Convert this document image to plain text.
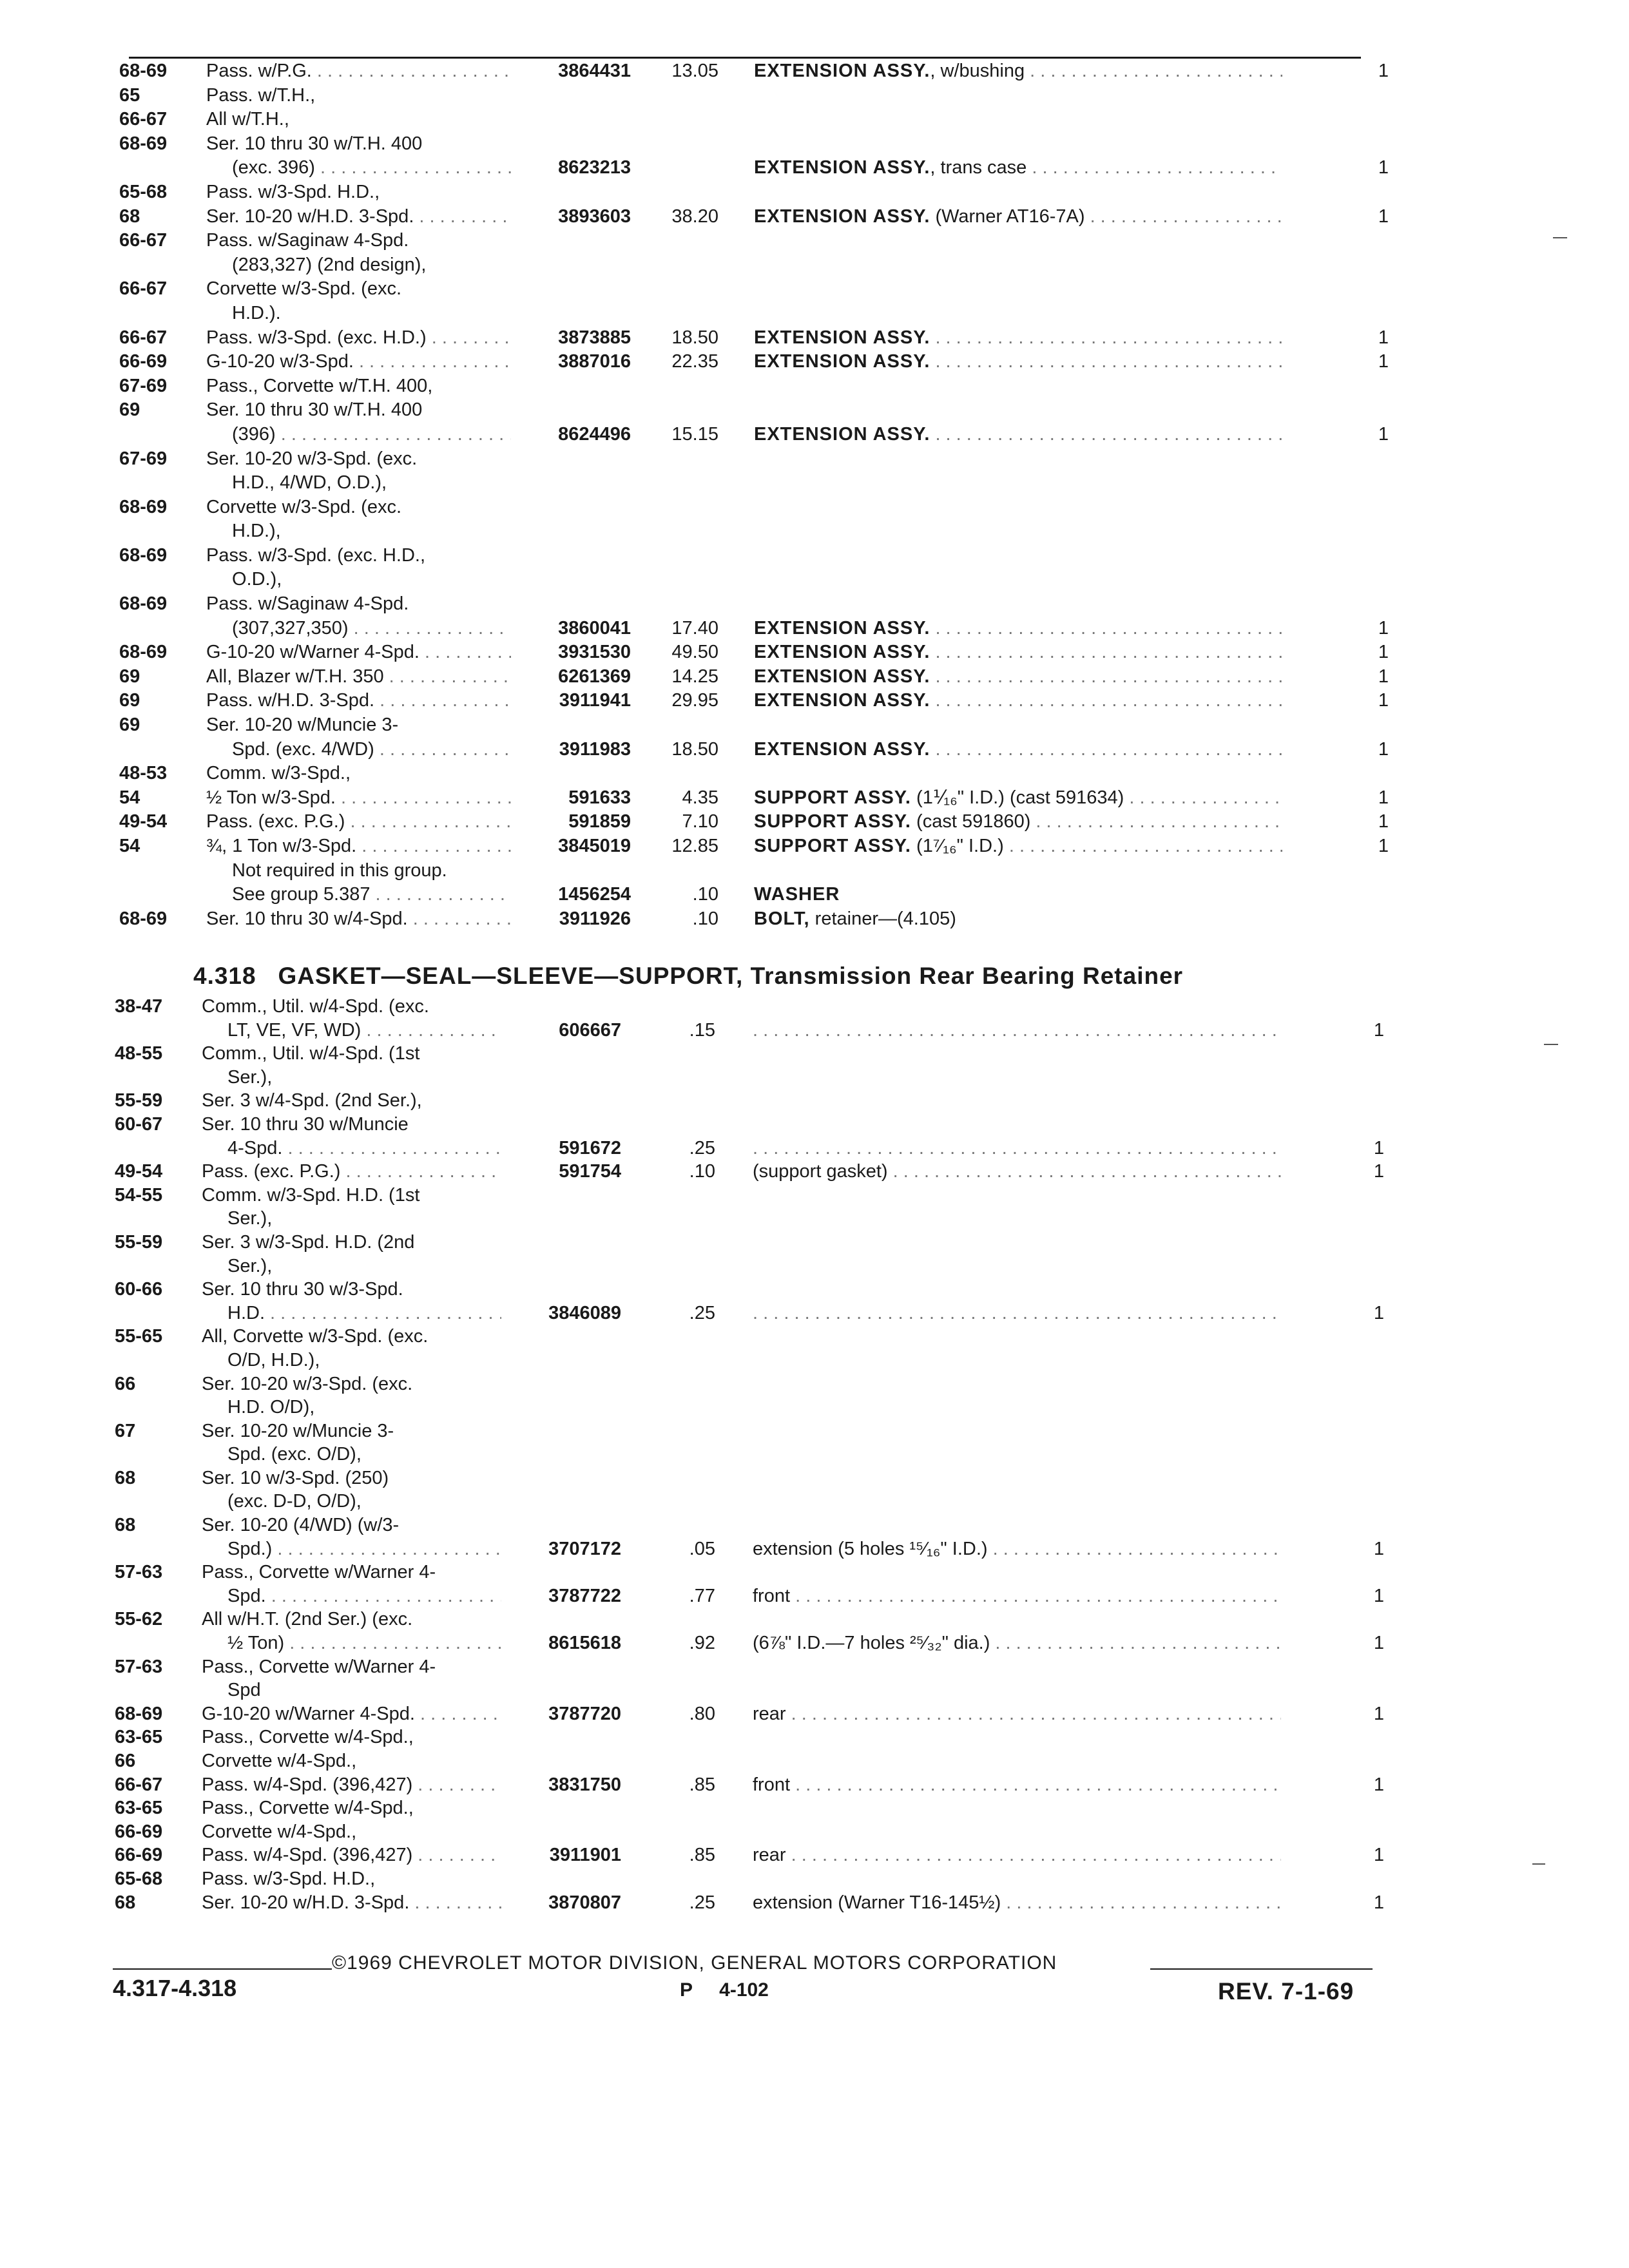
68-69	Pass. w/P.G. . . .	3864431	13.05 EXTENSION ASSY., w/bushing . . .	1
65	Pass. w/T.H.,
66-67	All w/T.H.,
68-69	Ser. 10 thru 30 w/T.H. 400
(exc. 396) . . .	8623213	EXTENSION ASSY., trans case . . .	1
65-68	Pass. w/3-Spd. H.D.,
68	Ser. 10-20 w/H.D. 3-Spd. . . .	3893603	38.20 EXTENSION ASSY. (Warner AT16-7A) . . .	1
66-67	Pass. w/Saginaw 4-Spd.
(283,327) (2nd design),
66-67	Corvette w/3-Spd. (exc.
H.D.).
66-67	Pass. w/3-Spd. (exc. H.D.) . . .	3873885	18.50 EXTENSION ASSY. . . .	1
66-69	G-10-20 w/3-Spd. . . .	3887016	22.35 EXTENSION ASSY. . . .	1
67-69	Pass., Corvette w/T.H. 400,
69	Ser. 10 thru 30 w/T.H. 400
(396) . . .	8624496	15.15 EXTENSION ASSY. . . .	1
67-69	Ser. 10-20 w/3-Spd. (exc.
H.D., 4/WD, O.D.),
68-69	Corvette w/3-Spd. (exc.
H.D.),
68-69	Pass. w/3-Spd. (exc. H.D.,
O.D.),
68-69	Pass. w/Saginaw 4-Spd.
(307,327,350) . . .	3860041	17.40 EXTENSION ASSY. . . .	1
68-69	G-10-20 w/Warner 4-Spd. . . .	3931530	49.50 EXTENSION ASSY. . . .	1
69	All, Blazer w/T.H. 350 . . .	6261369	14.25 EXTENSION ASSY. . . .	1
69	Pass. w/H.D. 3-Spd. . . .	3911941	29.95 EXTENSION ASSY. . . .	1
69	Ser. 10-20 w/Muncie 3-
Spd. (exc. 4/WD) . . .	3911983	18.50 EXTENSION ASSY. . . .	1
48-53	Comm. w/3-Spd.,
54	½ Ton w/3-Spd. . . .	591633	4.35 SUPPORT ASSY. (1⅟₁₆" I.D.) (cast 591634) . . .	1
49-54	Pass. (exc. P.G.) . . .	591859	7.10 SUPPORT ASSY. (cast 591860) . . .	1
54	¾, 1 Ton w/3-Spd. . . .	3845019	12.85 SUPPORT ASSY. (1⁷⁄₁₆" I.D.) . . .	1
Not required in this group.
See group 5.387 . . .	1456254	.10 WASHER
68-69	Ser. 10 thru 30 w/4-Spd. . . .	3911926	.10 BOLT, retainer—(4.105)
4.318 GASKET—SEAL—SLEEVE—SUPPORT, Transmission Rear Bearing Retainer
38-47	Comm., Util. w/4-Spd. (exc.
LT, VE, VF, WD) . . .	606667	.15 . . .	1
48-55	Comm., Util. w/4-Spd. (1st
Ser.),
55-59	Ser. 3 w/4-Spd. (2nd Ser.),
60-67	Ser. 10 thru 30 w/Muncie
4-Spd. . . .	591672	.25 . . .	1
49-54	Pass. (exc. P.G.) . . .	591754	.10 (support gasket) . . .	1
54-55	Comm. w/3-Spd. H.D. (1st
Ser.),
55-59	Ser. 3 w/3-Spd. H.D. (2nd
Ser.),
60-66	Ser. 10 thru 30 w/3-Spd.
H.D. . . .	3846089	.25 . . .	1
55-65	All, Corvette w/3-Spd. (exc.
O/D, H.D.),
66	Ser. 10-20 w/3-Spd. (exc.
H.D. O/D),
67	Ser. 10-20 w/Muncie 3-
Spd. (exc. O/D),
68	Ser. 10 w/3-Spd. (250)
(exc. D-D, O/D),
68	Ser. 10-20 (4/WD) (w/3-
Spd.) . . .	3707172	.05 extension (5 holes ¹⁵⁄₁₆" I.D.) . . .	1
57-63	Pass., Corvette w/Warner 4-
Spd. . . .	3787722	.77 front . . .	1
55-62	All w/H.T. (2nd Ser.) (exc.
½ Ton) . . .	8615618	.92 (6⅞" I.D.—7 holes ²⁵⁄₃₂" dia.) . . .	1
57-63	Pass., Corvette w/Warner 4-
Spd
68-69	G-10-20 w/Warner 4-Spd. . . .	3787720	.80 rear . . .	1
63-65	Pass., Corvette w/4-Spd.,
66	Corvette w/4-Spd.,
66-67	Pass. w/4-Spd. (396,427) . . .	3831750	.85 front . . .	1
63-65	Pass., Corvette w/4-Spd.,
66-69	Corvette w/4-Spd.,
66-69	Pass. w/4-Spd. (396,427) . . .	3911901	.85 rear . . .	1
65-68	Pass. w/3-Spd. H.D.,
68	Ser. 10-20 w/H.D. 3-Spd. . . .	3870807	.25 extension (Warner T16-145½) . . .	1
©1969 CHEVROLET MOTOR DIVISION, GENERAL MOTORS CORPORATION
4.317-4.318	P     4-102	REV. 7-1-69
